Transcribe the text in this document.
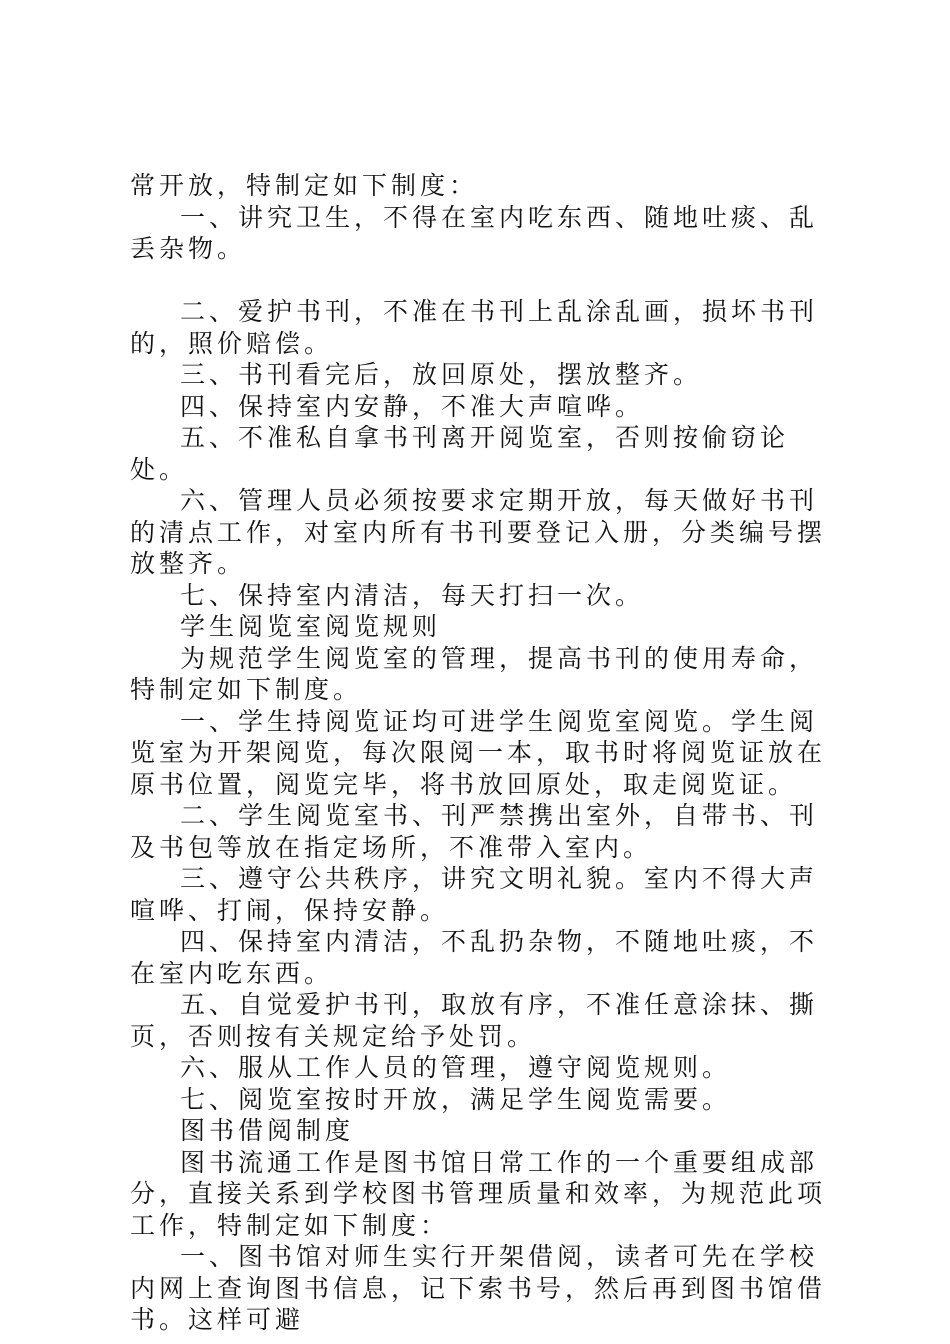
常开放，特制定如下制度：

一、讲究卫生，不得在室内吃东西、随地吐痰、乱丢杂物。

二、爱护书刊，不准在书刊上乱涂乱画，损坏书刊的，照价赔偿。

三、书刊看完后，放回原处，摆放整齐。

四、保持室内安静，不准大声喧哗。

五、不准私自拿书刊离开阅览室，否则按偷窃论处。

六、管理人员必须按要求定期开放，每天做好书刊的清点工作，对室内所有书刊要登记入册，分类编号摆放整齐。

七、保持室内清洁，每天打扫一次。

学生阅览室阅览规则

为规范学生阅览室的管理，提高书刊的使用寿命，特制定如下制度。

一、学生持阅览证均可进学生阅览室阅览。学生阅览室为开架阅览，每次限阅一本，取书时将阅览证放在原书位置，阅览完毕，将书放回原处，取走阅览证。

二、学生阅览室书、刊严禁携出室外，自带书、刊及书包等放在指定场所，不准带入室内。

三、遵守公共秩序，讲究文明礼貌。室内不得大声喧哗、打闹，保持安静。

四、保持室内清洁，不乱扔杂物，不随地吐痰，不在室内吃东西。

五、自觉爱护书刊，取放有序，不准任意涂抹、撕页，否则按有关规定给予处罚。

六、服从工作人员的管理，遵守阅览规则。

七、阅览室按时开放，满足学生阅览需要。

图书借阅制度

图书流通工作是图书馆日常工作的一个重要组成部分，直接关系到学校图书管理质量和效率，为规范此项工作，特制定如下制度：

一、图书馆对师生实行开架借阅，读者可先在学校内网上查询图书信息，记下索书号，然后再到图书馆借书。这样可避
